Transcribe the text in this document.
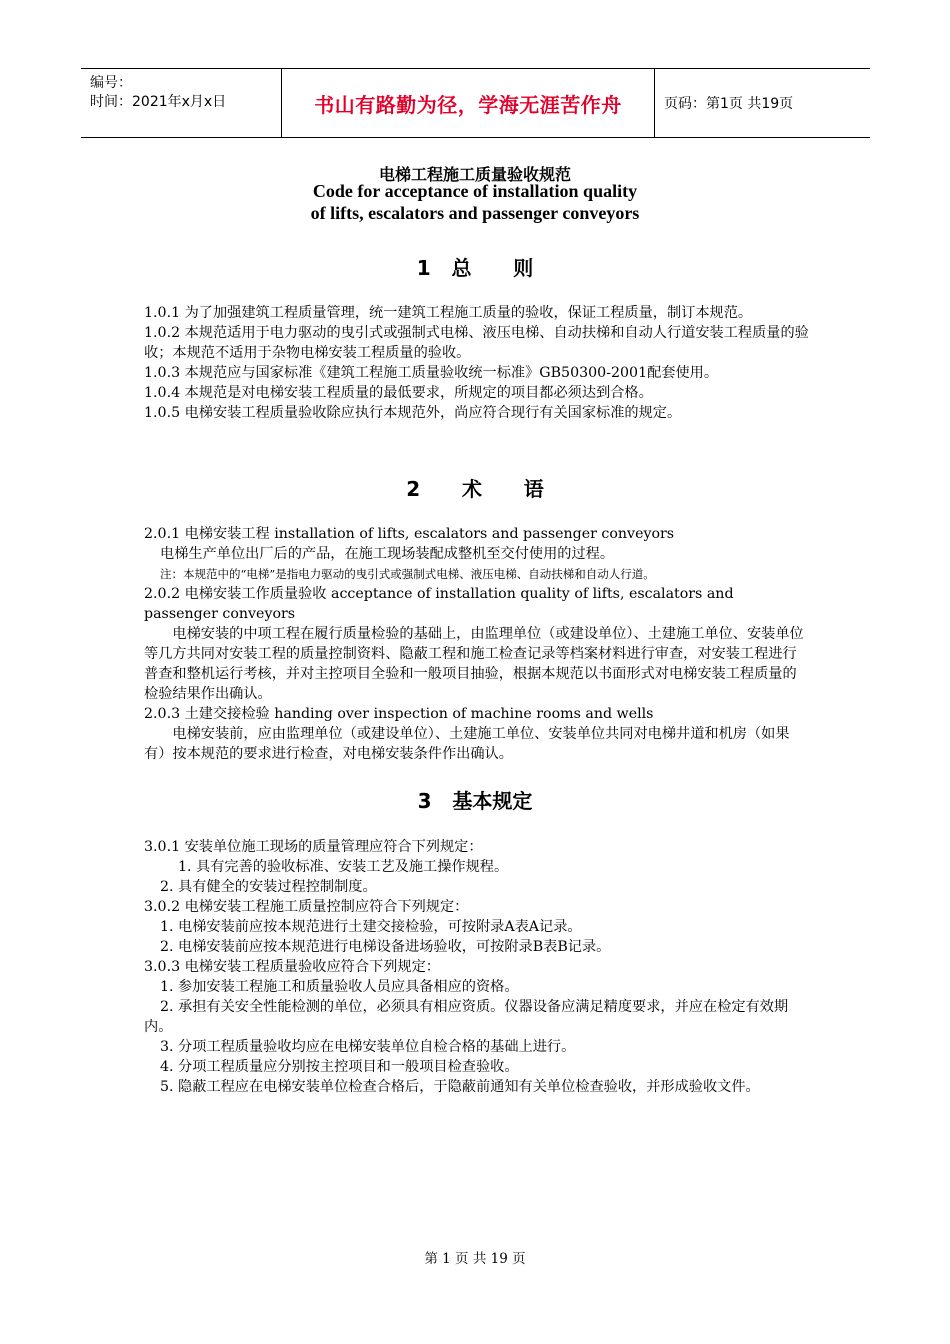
编号：
时间：2021年x月x日	书山有路勤为径，学海无涯苦作舟	页码：第1页 共19页
电梯工程施工质量验收规范
Code for acceptance of installation quality
of lifts, escalators and passenger conveyors
1   总      则

1.0.1 为了加强建筑工程质量管理，统一建筑工程施工质量的验收，保证工程质量，制订本规范。

1.0.2 本规范适用于电力驱动的曳引式或强制式电梯、液压电梯、自动扶梯和自动人行道安装工程质量的验收；本规范不适用于杂物电梯安装工程质量的验收。

1.0.3 本规范应与国家标准《建筑工程施工质量验收统一标准》GB50300-2001配套使用。

1.0.4 本规范是对电梯安装工程质量的最低要求，所规定的项目都必须达到合格。

1.0.5 电梯安装工程质量验收除应执行本规范外，尚应符合现行有关国家标准的规定。

2      术      语

2.0.1 电梯安装工程 installation of lifts, escalators and passenger conveyors

电梯生产单位出厂后的产品，在施工现场装配成整机至交付使用的过程。

注：本规范中的“电梯”是指电力驱动的曳引式或强制式电梯、液压电梯、自动扶梯和自动人行道。

2.0.2 电梯安装工作质量验收 acceptance of installation quality of lifts, escalators and passenger conveyors

电梯安装的中项工程在履行质量检验的基础上，由监理单位（或建设单位）、土建施工单位、安装单位等几方共同对安装工程的质量控制资料、隐蔽工程和施工检查记录等档案材料进行审查，对安装工程进行普查和整机运行考核，并对主控项目全验和一般项目抽验，根据本规范以书面形式对电梯安装工程质量的检验结果作出确认。

2.0.3 土建交接检验 handing over inspection of machine rooms and wells

电梯安装前，应由监理单位（或建设单位）、土建施工单位、安装单位共同对电梯井道和机房（如果有）按本规范的要求进行检查，对电梯安装条件作出确认。

3   基本规定

3.0.1 安装单位施工现场的质量管理应符合下列规定：

1. 具有完善的验收标准、安装工艺及施工操作规程。

2. 具有健全的安装过程控制制度。

3.0.2 电梯安装工程施工质量控制应符合下列规定：

1. 电梯安装前应按本规范进行土建交接检验，可按附录A表A记录。

2. 电梯安装前应按本规范进行电梯设备进场验收，可按附录B表B记录。

3.0.3 电梯安装工程质量验收应符合下列规定：

1. 参加安装工程施工和质量验收人员应具备相应的资格。

2. 承担有关安全性能检测的单位，必须具有相应资质。仪器设备应满足精度要求，并应在检定有效期内。

3. 分项工程质量验收均应在电梯安装单位自检合格的基础上进行。

4. 分项工程质量应分别按主控项目和一般项目检查验收。

5. 隐蔽工程应在电梯安装单位检查合格后，于隐蔽前通知有关单位检查验收，并形成验收文件。

第 1 页 共 19 页
